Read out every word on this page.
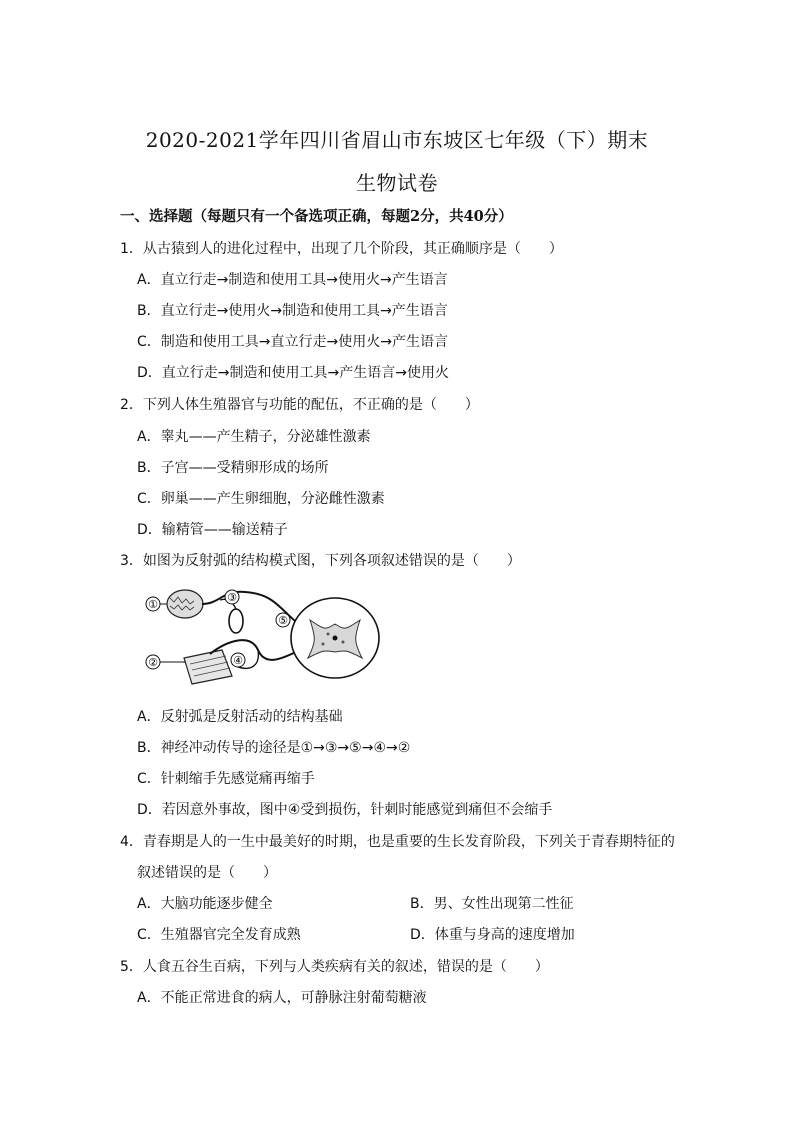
2020-2021学年四川省眉山市东坡区七年级（下）期末
生物试卷
一、选择题（每题只有一个备选项正确，每题2分，共40分）
1．从古猿到人的进化过程中，出现了几个阶段，其正确顺序是（　　）
A．直立行走→制造和使用工具→使用火→产生语言
B．直立行走→使用火→制造和使用工具→产生语言
C．制造和使用工具→直立行走→使用火→产生语言
D．直立行走→制造和使用工具→产生语言→使用火
2．下列人体生殖器官与功能的配伍，不正确的是（　　）
A．睾丸——产生精子，分泌雄性激素
B．子宫——受精卵形成的场所
C．卵巢——产生卵细胞，分泌雌性激素
D．输精管——输送精子
3．如图为反射弧的结构模式图，下列各项叙述错误的是（　　）
①
②
③
④
⑤
A．反射弧是反射活动的结构基础
B．神经冲动传导的途径是①→③→⑤→④→②
C．针刺缩手先感觉痛再缩手
D．若因意外事故，图中④受到损伤，针刺时能感觉到痛但不会缩手
4．青春期是人的一生中最美好的时期，也是重要的生长发育阶段，下列关于青春期特征的
叙述错误的是（　　）
A．大脑功能逐步健全	B．男、女性出现第二性征
C．生殖器官完全发育成熟	D．体重与身高的速度增加
5．人食五谷生百病，下列与人类疾病有关的叙述，错误的是（　　）
A．不能正常进食的病人，可静脉注射葡萄糖液
